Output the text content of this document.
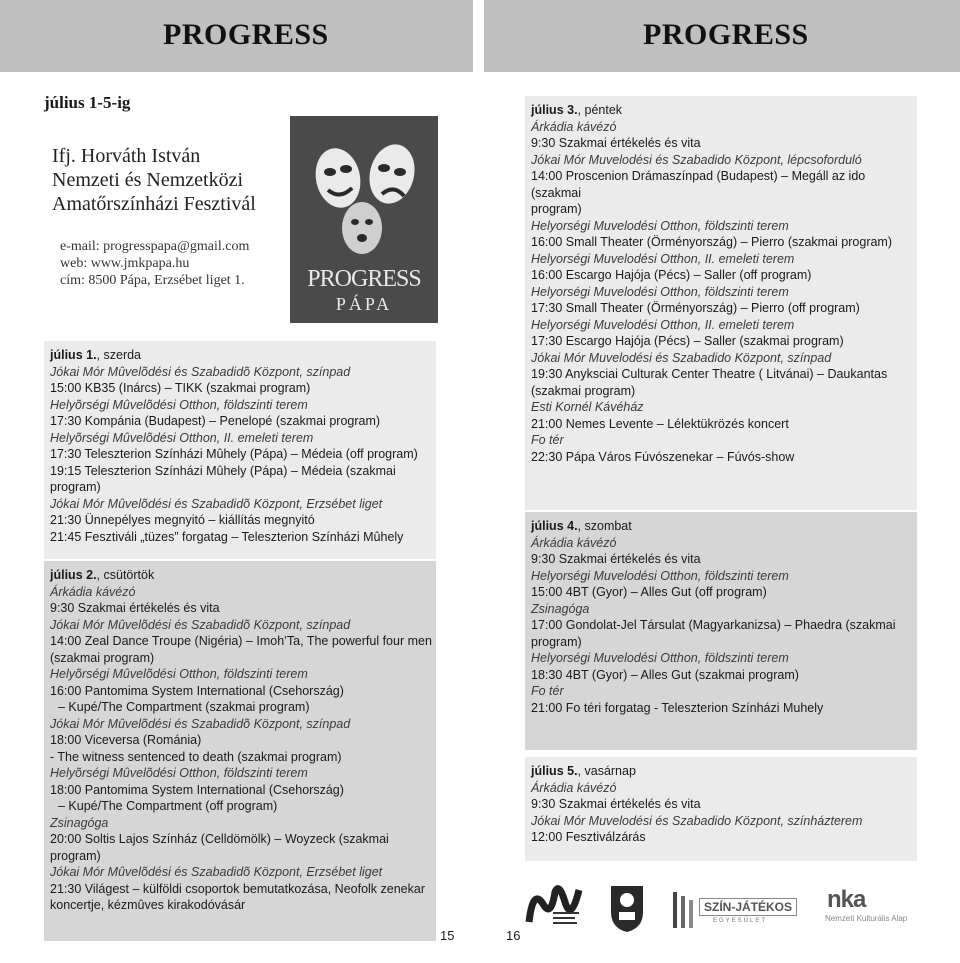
PROGRESS
július 1-5-ig
Ifj. Horváth István
Nemzeti és Nemzetközi
Amatőrszínházi Fesztivál
e-mail: progresspapa@gmail.com
web: www.jmkpapa.hu
cím: 8500 Pápa, Erzsébet liget 1.	PROGRESS
PÁPA
július 1., szerda
Jókai Mór Mûvelõdési és Szabadidõ Központ, színpad
15:00 KB35 (Inárcs) – TIKK (szakmai program)
Helyõrségi Mûvelõdési Otthon, földszinti terem
17:30 Kompánia (Budapest) – Penelopé (szakmai program)
Helyõrségi Mûvelõdési Otthon, II. emeleti terem
17:30 Teleszterion Színházi Mûhely (Pápa) – Médeia (off program)
19:15 Teleszterion Színházi Mûhely (Pápa) – Médeia (szakmai program)
Jókai Mór Mûvelõdési és Szabadidõ Központ, Erzsébet liget
21:30 Ünnepélyes megnyitó – kiállítás megnyitó
21:45 Fesztiváli „tüzes” forgatag – Teleszterion Színházi Mûhely
július 2., csütörtök
Árkádia kávézó
9:30 Szakmai értékelés és vita
Jókai Mór Mûvelõdési és Szabadidõ Központ, színpad
14:00 Zeal Dance Troupe (Nigéria) – Imoh’Ta, The powerful four men
(szakmai program)
Helyõrségi Mûvelõdési Otthon, földszinti terem
16:00 Pantomima System International (Csehország)
– Kupé/The Compartment (szakmai program)
Jókai Mór Mûvelõdési és Szabadidõ Központ, színpad
18:00 Viceversa (Románia)
- The witness sentenced to death (szakmai program)
Helyõrségi Mûvelõdési Otthon, földszinti terem
18:00 Pantomima System International (Csehország)
– Kupé/The Compartment (off program)
Zsinagóga
20:00 Soltis Lajos Színház (Celldömölk) – Woyzeck (szakmai program)
Jókai Mór Mûvelõdési és Szabadidõ Központ, Erzsébet liget
21:30 Világest – külföldi csoportok bemutatkozása, Neofolk zenekar
koncertje, kézmûves kirakodóvásár
15
PROGRESS
július 3., péntek
Árkádia kávézó
9:30 Szakmai értékelés és vita
Jókai Mór Muvelodési és Szabadido Központ, lépcsoforduló
14:00 Proscenion Drámaszínpad (Budapest) – Megáll az ido (szakmai
program)
Helyorségi Muvelodési Otthon, földszinti terem
16:00 Small Theater (Örményország) – Pierro (szakmai program)
Helyorségi Muvelodési Otthon, II. emeleti terem
16:00 Escargo Hajója (Pécs) – Saller (off program)
Helyorségi Muvelodési Otthon, földszinti terem
17:30 Small Theater (Örményország) – Pierro (off program)
Helyorségi Muvelodési Otthon, II. emeleti terem
17:30 Escargo Hajója (Pécs) – Saller (szakmai program)
Jókai Mór Muvelodési és Szabadido Központ, színpad
19:30 Anyksciai Culturak Center Theatre ( Litvánai) – Daukantas
(szakmai program)
Esti Kornél Kávéház
21:00 Nemes Levente – Lélektükrözés koncert
Fo tér
22:30 Pápa Város Fúvószenekar – Fúvós-show
július 4., szombat
Árkádia kávézó
9:30 Szakmai értékelés és vita
Helyorségi Muvelodési Otthon, földszinti terem
15:00 4BT (Gyor) – Alles Gut (off program)
Zsinagóga
17:00 Gondolat-Jel Társulat (Magyarkanizsa) – Phaedra (szakmai
program)
Helyorségi Muvelodési Otthon, földszinti terem
18:30 4BT (Gyor) – Alles Gut (szakmai program)
Fo tér
21:00 Fo téri forgatag - Teleszterion Színházi Muhely
július 5., vasárnap
Árkádia kávézó
9:30 Szakmai értékelés és vita
Jókai Mór Muvelodési és Szabadido Központ, színházterem
12:00 Fesztiválzárás
16
SZÍN-JÁTÉKOS
EGYESÜLET
nka
Nemzeti Kulturális Alap
